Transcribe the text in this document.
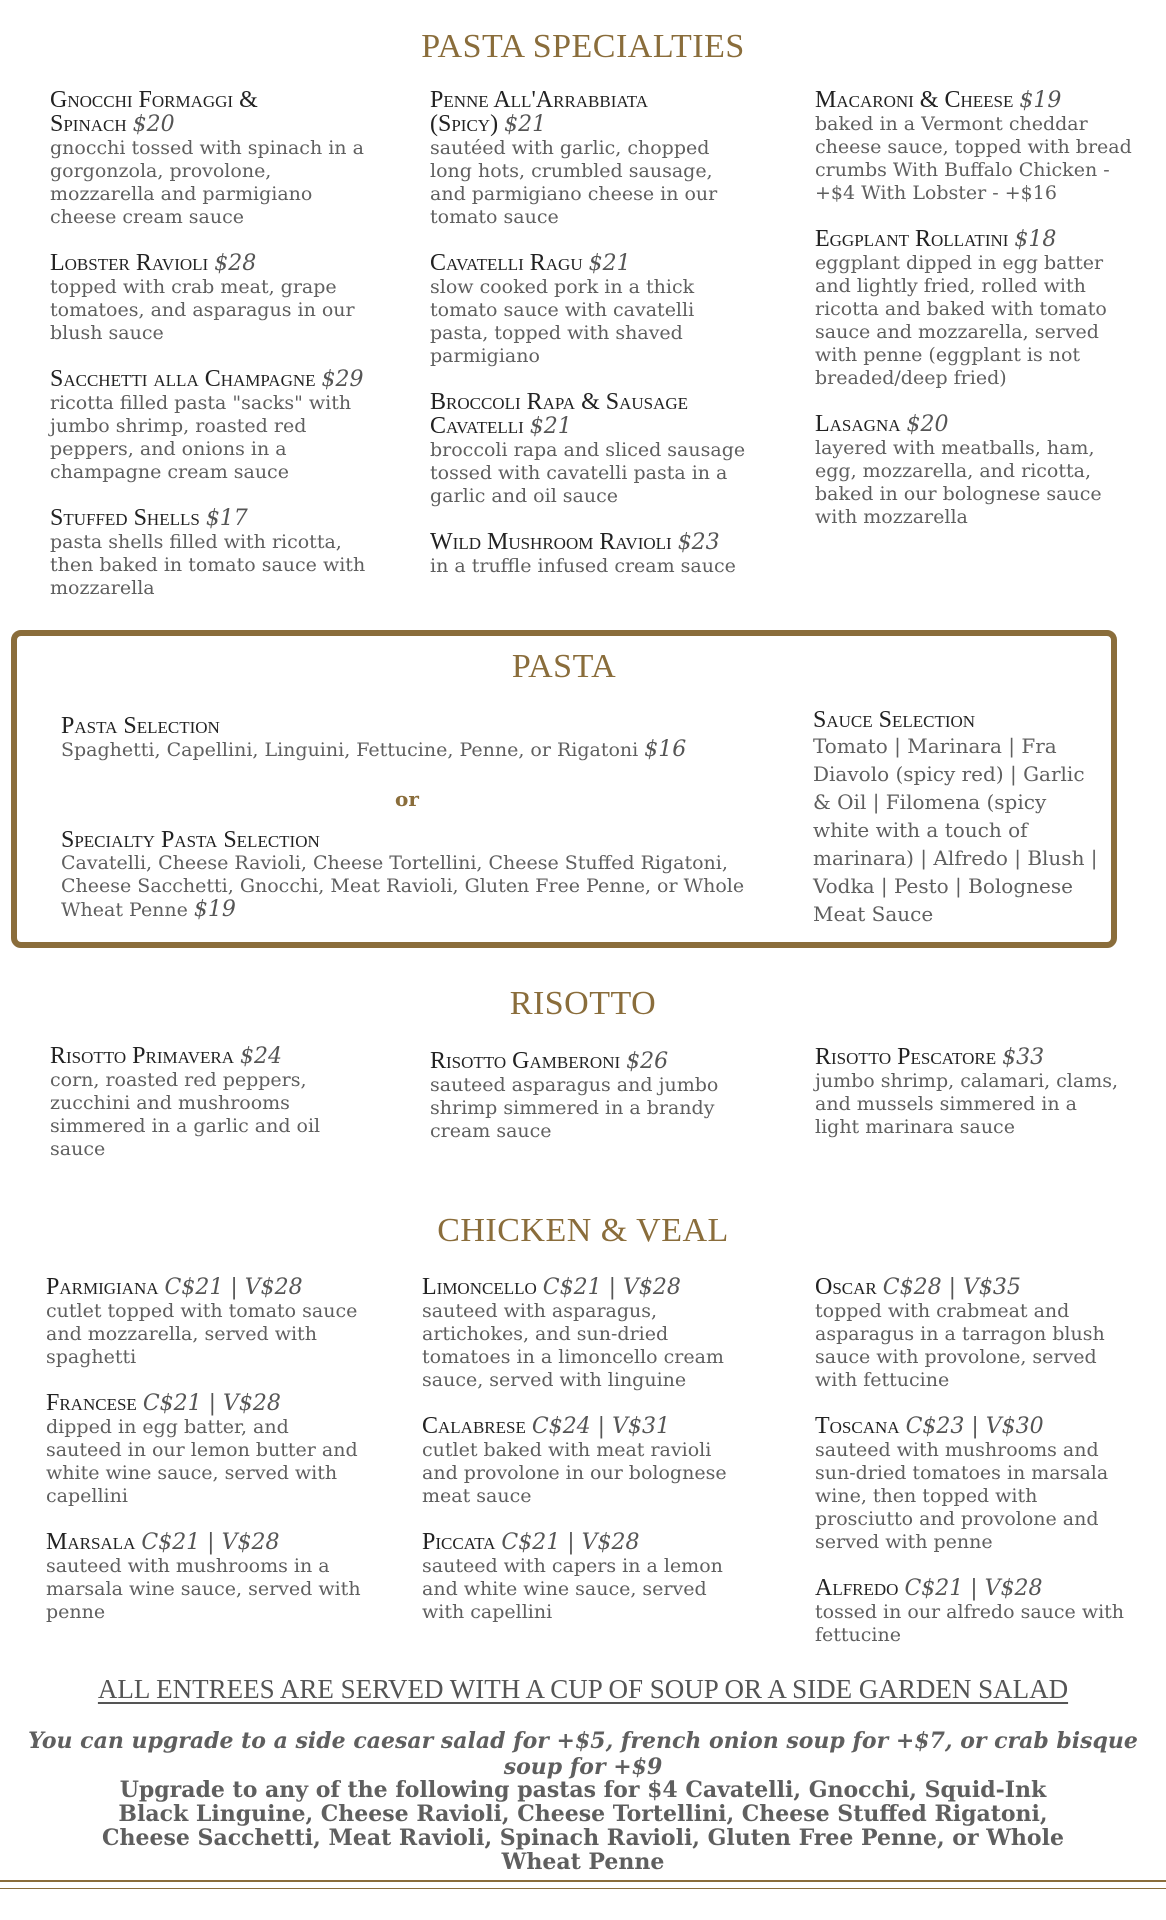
PASTA SPECIALTIES
Gnocchi Formaggi & Spinach $20
gnocchi tossed with spinach in a gorgonzola, provolone, mozzarella and parmigiano cheese cream sauce
Lobster Ravioli $28
topped with crab meat, grape tomatoes, and asparagus in our blush sauce
Sacchetti alla Champagne $29
ricotta filled pasta "sacks" with jumbo shrimp, roasted red peppers, and onions in a champagne cream sauce
Stuffed Shells $17
pasta shells filled with ricotta, then baked in tomato sauce with mozzarella
Penne All'Arrabbiata (Spicy) $21
sautéed with garlic, chopped long hots, crumbled sausage, and parmigiano cheese in our tomato sauce
Cavatelli Ragu $21
slow cooked pork in a thick tomato sauce with cavatelli pasta, topped with shaved parmigiano
Broccoli Rapa & Sausage Cavatelli $21
broccoli rapa and sliced sausage tossed with cavatelli pasta in a garlic and oil sauce
Wild Mushroom Ravioli $23
in a truffle infused cream sauce
Macaroni & Cheese $19
baked in a Vermont cheddar cheese sauce, topped with bread crumbs With Buffalo Chicken - +$4 With Lobster - +$16
Eggplant Rollatini $18
eggplant dipped in egg batter and lightly fried, rolled with ricotta and baked with tomato sauce and mozzarella, served with penne (eggplant is not breaded/deep fried)
Lasagna $20
layered with meatballs, ham, egg, mozzarella, and ricotta, baked in our bolognese sauce with mozzarella
PASTA
Pasta Selection
Spaghetti, Capellini, Linguini, Fettucine, Penne, or Rigatoni $16
or
Specialty Pasta Selection
Cavatelli, Cheese Ravioli, Cheese Tortellini, Cheese Stuffed Rigatoni, Cheese Sacchetti, Gnocchi, Meat Ravioli, Gluten Free Penne, or Whole Wheat Penne $19
Sauce Selection
Tomato | Marinara | Fra Diavolo (spicy red) | Garlic & Oil | Filomena (spicy white with a touch of marinara) | Alfredo | Blush | Vodka | Pesto | Bolognese Meat Sauce
RISOTTO
Risotto Primavera $24
corn, roasted red peppers, zucchini and mushrooms simmered in a garlic and oil sauce
Risotto Gamberoni $26
sauteed asparagus and jumbo shrimp simmered in a brandy cream sauce
Risotto Pescatore $33
jumbo shrimp, calamari, clams, and mussels simmered in a light marinara sauce
CHICKEN & VEAL
Parmigiana C$21 | V$28
cutlet topped with tomato sauce and mozzarella, served with spaghetti
Francese C$21 | V$28
dipped in egg batter, and sauteed in our lemon butter and white wine sauce, served with capellini
Marsala C$21 | V$28
sauteed with mushrooms in a marsala wine sauce, served with penne
Limoncello C$21 | V$28
sauteed with asparagus, artichokes, and sun-dried tomatoes in a limoncello cream sauce, served with linguine
Calabrese C$24 | V$31
cutlet baked with meat ravioli and provolone in our bolognese meat sauce
Piccata C$21 | V$28
sauteed with capers in a lemon and white wine sauce, served with capellini
Oscar C$28 | V$35
topped with crabmeat and asparagus in a tarragon blush sauce with provolone, served with fettucine
Toscana C$23 | V$30
sauteed with mushrooms and sun-dried tomatoes in marsala wine, then topped with prosciutto and provolone and served with penne
Alfredo C$21 | V$28
tossed in our alfredo sauce with fettucine
ALL ENTREES ARE SERVED WITH A CUP OF SOUP OR A SIDE GARDEN SALAD
You can upgrade to a side caesar salad for +$5, french onion soup for +$7, or crab bisque soup for +$9
Upgrade to any of the following pastas for $4 Cavatelli, Gnocchi, Squid-Ink Black Linguine, Cheese Ravioli, Cheese Tortellini, Cheese Stuffed Rigatoni, Cheese Sacchetti, Meat Ravioli, Spinach Ravioli, Gluten Free Penne, or Whole Wheat Penne
